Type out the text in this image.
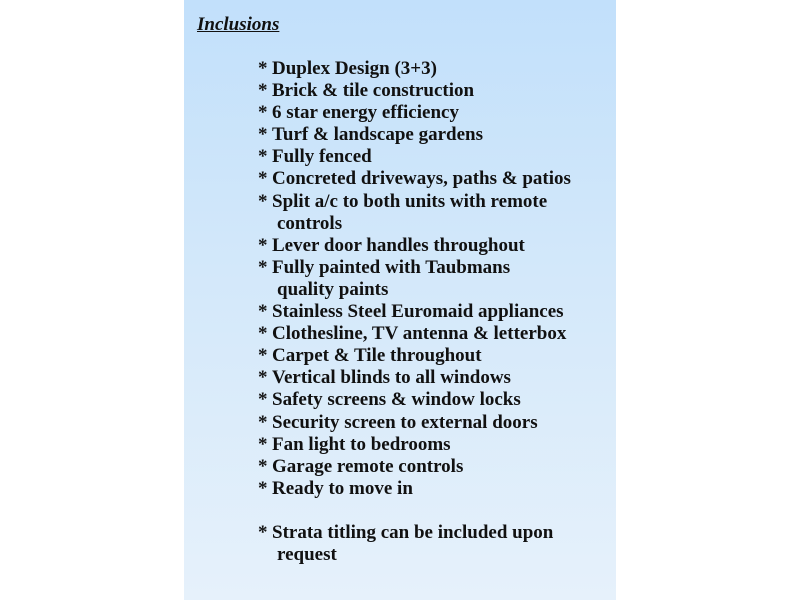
Inclusions
* Duplex Design (3+3)
* Brick & tile construction
* 6 star energy efficiency
* Turf & landscape gardens
* Fully fenced
* Concreted driveways, paths & patios
* Split a/c to both units with remote
controls
* Lever door handles throughout
* Fully painted with Taubmans
quality paints
* Stainless Steel Euromaid appliances
* Clothesline, TV antenna & letterbox
* Carpet & Tile throughout
* Vertical blinds to all windows
* Safety screens & window locks
* Security screen to external doors
* Fan light to bedrooms
* Garage remote controls
* Ready to move in
* Strata titling can be included upon
request
